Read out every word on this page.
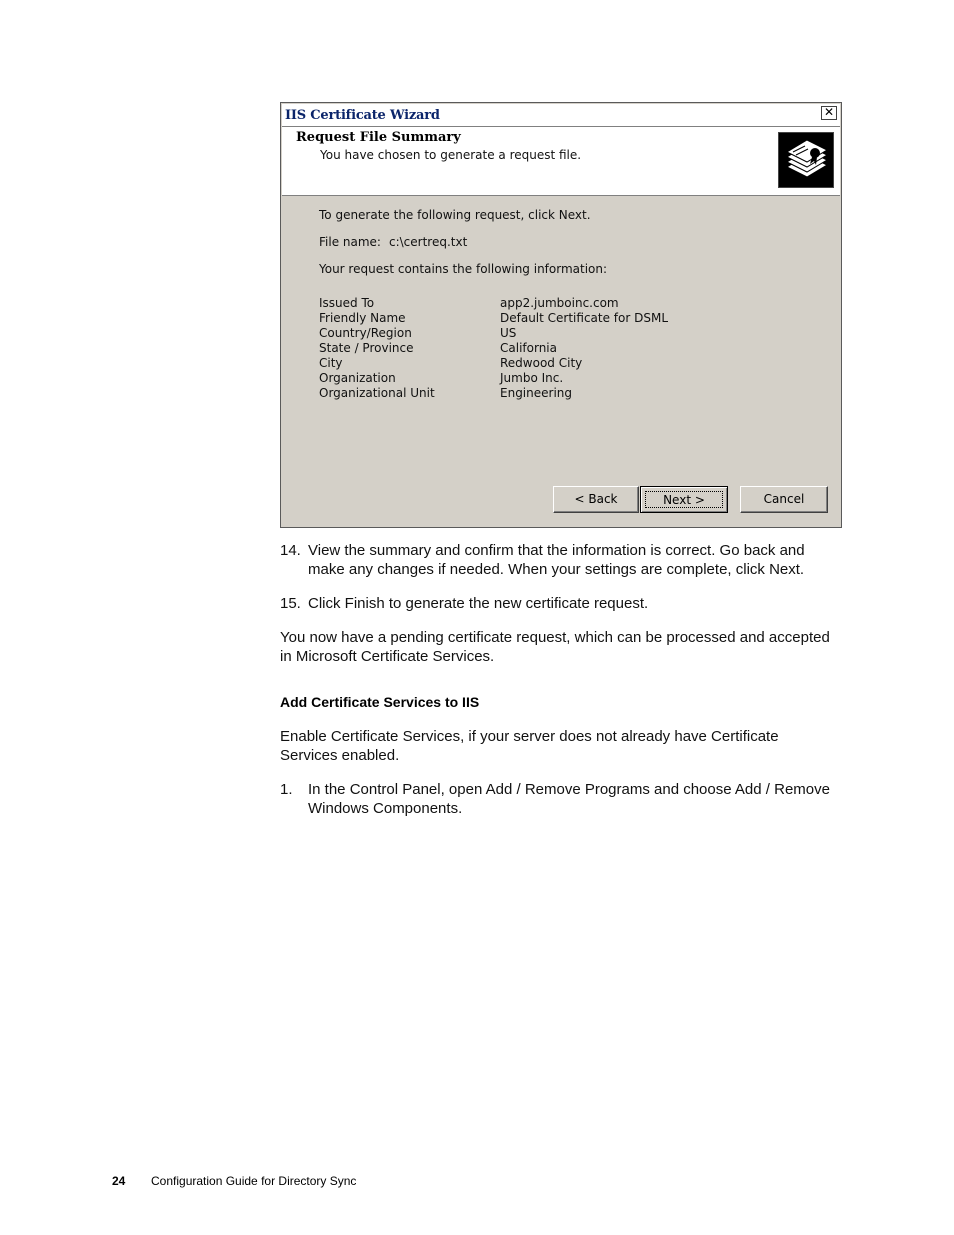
IIS Certificate Wizard	✕
Request File Summary
You have chosen to generate a request file.
To generate the following request, click Next.
File name: c:\certreq.txt
Your request contains the following information:
Issued To	app2.jumboinc.com
Friendly Name	Default Certificate for DSML
Country/Region	US
State / Province	California
City	Redwood City
Organization	Jumbo Inc.
Organizational Unit	Engineering
< Back	Next >	Cancel
14. View the summary and confirm that the information is correct. Go back and make any changes if needed. When your settings are complete, click Next.
15. Click Finish to generate the new certificate request.
You now have a pending certificate request, which can be processed and accepted in Microsoft Certificate Services.
Add Certificate Services to IIS
Enable Certificate Services, if your server does not already have Certificate Services enabled.
1. In the Control Panel, open Add / Remove Programs and choose Add / Remove Windows Components.
24 Configuration Guide for Directory Sync
